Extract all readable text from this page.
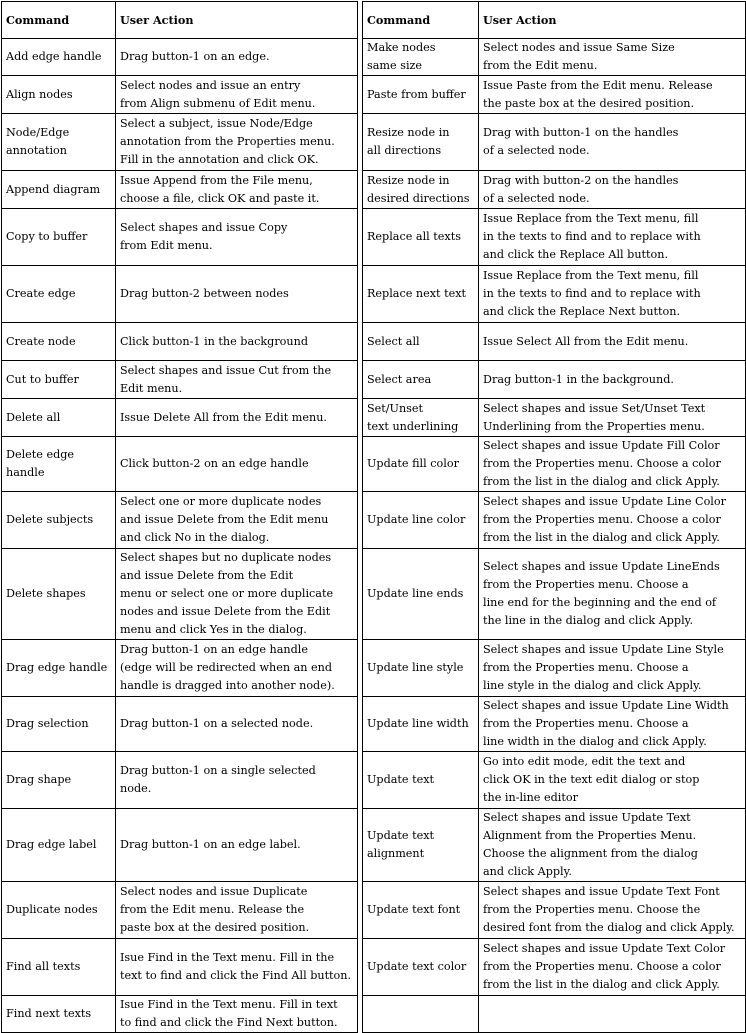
Command	User Action		Command	User Action

Add edge handle	Drag button-1 on an edge.		Make nodes
same size	Select nodes and issue Same Size
from the Edit menu.

Align nodes	Select nodes and issue an entry
from Align submenu of Edit menu.		Paste from buffer	Issue Paste from the Edit menu. Release
the paste box at the desired position.

Node/Edge
annotation	Select a subject, issue Node/Edge
annotation from the Properties menu.
Fill in the annotation and click OK.		Resize node in
all directions	Drag with button-1 on the handles
of a selected node.

Append diagram	Issue Append from the File menu,
choose a file, click OK and paste it.		Resize node in
desired directions	Drag with button-2 on the handles
of a selected node.

Copy to buffer	Select shapes and issue Copy
from Edit menu.		Replace all texts	Issue Replace from the Text menu, fill
in the texts to find and to replace with
and click the Replace All button.

Create edge	Drag button-2 between nodes		Replace next text	Issue Replace from the Text menu, fill
in the texts to find and to replace with
and click the Replace Next button.

Create node	Click button-1 in the background		Select all	Issue Select All from the Edit menu.

Cut to buffer	Select shapes and issue Cut from the
Edit menu.		Select area	Drag button-1 in the background.

Delete all	Issue Delete All from the Edit menu.		Set/Unset
text underlining	Select shapes and issue Set/Unset Text
Underlining from the Properties menu.

Delete edge handle	Click button-2 on an edge handle		Update fill color	Select shapes and issue Update Fill Color
from the Properties menu. Choose a color
from the list in the dialog and click Apply.

Delete subjects	Select one or more duplicate nodes
and issue Delete from the Edit menu
and click No in the dialog.		Update line color	Select shapes and issue Update Line Color
from the Properties menu. Choose a color
from the list in the dialog and click Apply.

Delete shapes	Select shapes but no duplicate nodes
and issue Delete from the Edit
menu or select one or more duplicate
nodes and issue Delete from the Edit
menu and click Yes in the dialog.		Update line ends	Select shapes and issue Update LineEnds
from the Properties menu. Choose a
line end for the beginning and the end of
the line in the dialog and click Apply.

Drag edge handle	Drag button-1 on an edge handle
(edge will be redirected when an end
handle is dragged into another node).		Update line style	Select shapes and issue Update Line Style
from the Properties menu. Choose a
line style in the dialog and click Apply.

Drag selection	Drag button-1 on a selected node.		Update line width	Select shapes and issue Update Line Width
from the Properties menu. Choose a
line width in the dialog and click Apply.

Drag shape	Drag button-1 on a single selected
node.		Update text	Go into edit mode, edit the text and
click OK in the text edit dialog or stop
the in-line editor

Drag edge label	Drag button-1 on an edge label.		Update text
alignment	Select shapes and issue Update Text
Alignment from the Properties Menu.
Choose the alignment from the dialog
and click Apply.

Duplicate nodes	Select nodes and issue Duplicate
from the Edit menu. Release the
paste box at the desired position.		Update text font	Select shapes and issue Update Text Font
from the Properties menu. Choose the
desired font from the dialog and click Apply.

Find all texts	Isue Find in the Text menu. Fill in the
text to find and click the Find All button.		Update text color	Select shapes and issue Update Text Color
from the Properties menu. Choose a color
from the list in the dialog and click Apply.

Find next texts	Isue Find in the Text menu. Fill in text
to find and click the Find Next button.			
